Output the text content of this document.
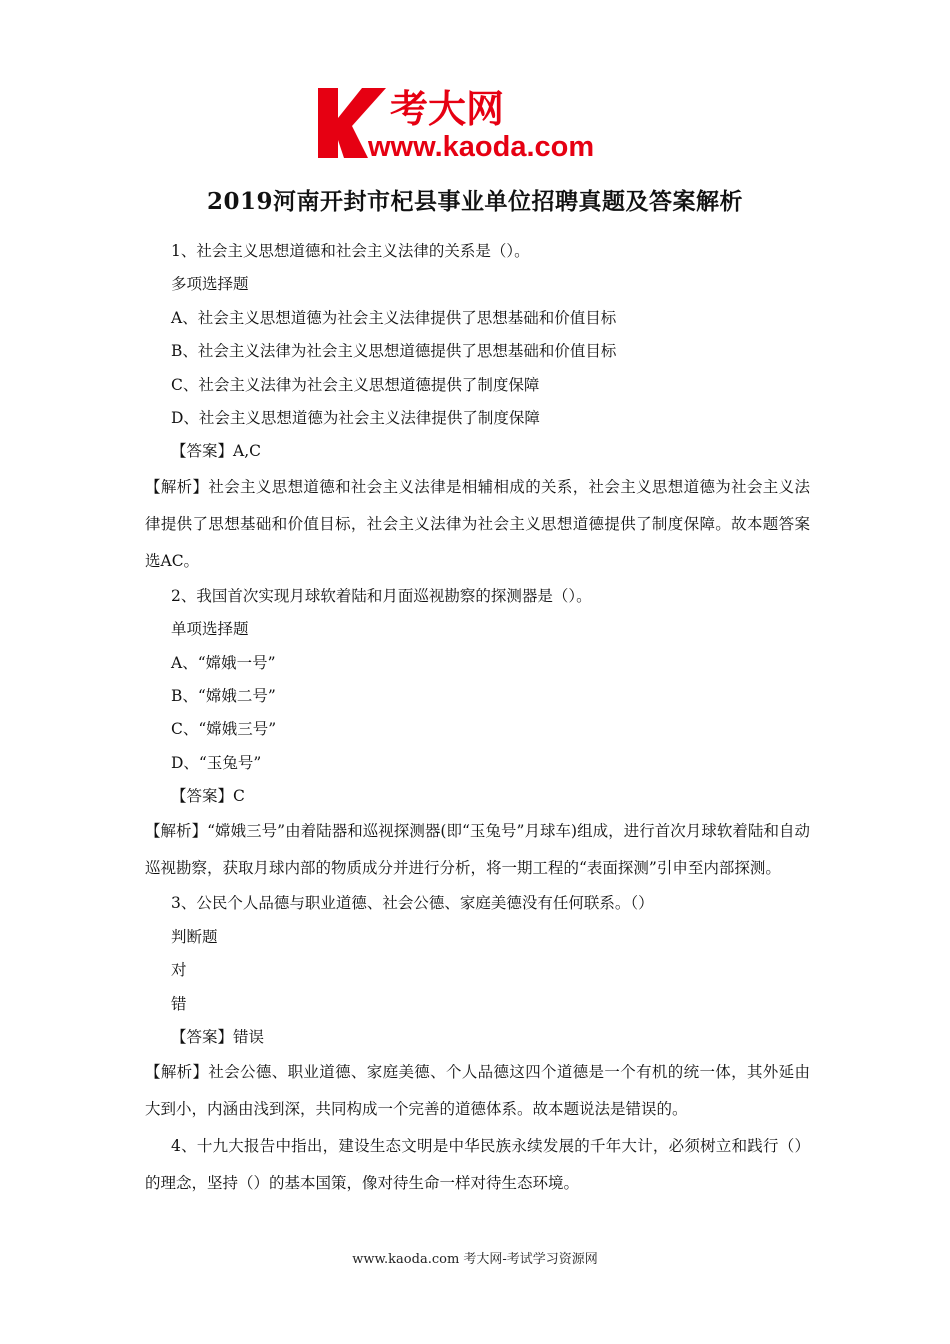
考大网
www.kaoda.com
2019河南开封市杞县事业单位招聘真题及答案解析
1、社会主义思想道德和社会主义法律的关系是（）。
多项选择题
A、社会主义思想道德为社会主义法律提供了思想基础和价值目标
B、社会主义法律为社会主义思想道德提供了思想基础和价值目标
C、社会主义法律为社会主义思想道德提供了制度保障
D、社会主义思想道德为社会主义法律提供了制度保障
【答案】A,C
【解析】社会主义思想道德和社会主义法律是相辅相成的关系，社会主义思想道德为社会主义法律提供了思想基础和价值目标，社会主义法律为社会主义思想道德提供了制度保障。故本题答案选AC。
2、我国首次实现月球软着陆和月面巡视勘察的探测器是（）。
单项选择题
A、“嫦娥一号”
B、“嫦娥二号”
C、“嫦娥三号”
D、“玉兔号”
【答案】C
【解析】“嫦娥三号”由着陆器和巡视探测器(即“玉兔号”月球车)组成，进行首次月球软着陆和自动巡视勘察，获取月球内部的物质成分并进行分析，将一期工程的“表面探测”引申至内部探测。
3、公民个人品德与职业道德、社会公德、家庭美德没有任何联系。（）
判断题
对
错
【答案】错误
【解析】社会公德、职业道德、家庭美德、个人品德这四个道德是一个有机的统一体，其外延由大到小，内涵由浅到深，共同构成一个完善的道德体系。故本题说法是错误的。
4、十九大报告中指出，建设生态文明是中华民族永续发展的千年大计，必须树立和践行（）的理念，坚持（）的基本国策，像对待生命一样对待生态环境。
www.kaoda.com 考大网-考试学习资源网
